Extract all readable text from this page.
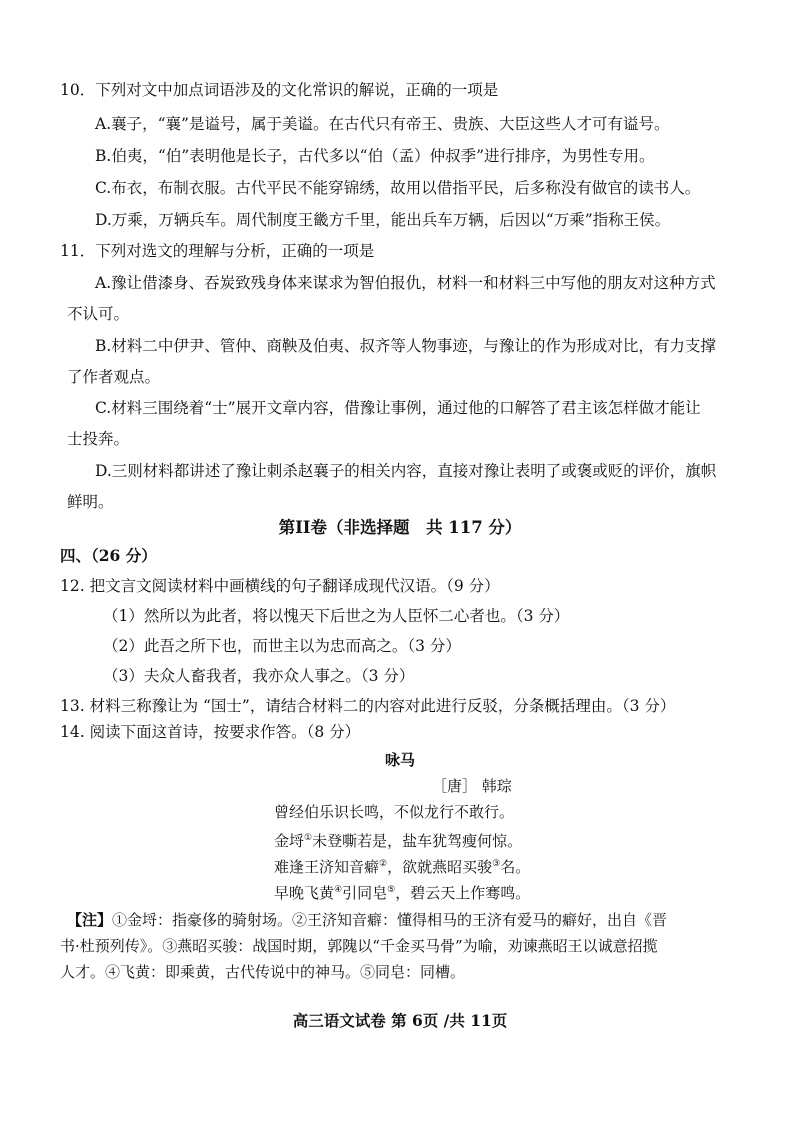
10．下列对文中加点词语涉及的文化常识的解说，正确的一项是
A.襄子，“襄”是谥号，属于美谥。在古代只有帝王、贵族、大臣这些人才可有谥号。
B.伯夷，“伯”表明他是长子，古代多以“伯（孟）仲叔季”进行排序，为男性专用。
C.布衣，布制衣服。古代平民不能穿锦绣，故用以借指平民，后多称没有做官的读书人。
D.万乘，万辆兵车。周代制度王畿方千里，能出兵车万辆，后因以“万乘”指称王侯。
11．下列对选文的理解与分析，正确的一项是
A.豫让借漆身、吞炭致残身体来谋求为智伯报仇，材料一和材料三中写他的朋友对这种方式
不认可。
B.材料二中伊尹、管仲、商鞅及伯夷、叔齐等人物事迹，与豫让的作为形成对比，有力支撑
了作者观点。
C.材料三围绕着“士”展开文章内容，借豫让事例，通过他的口解答了君主该怎样做才能让
士投奔。
D.三则材料都讲述了豫让刺杀赵襄子的相关内容，直接对豫让表明了或褒或贬的评价，旗帜
鲜明。
第II卷（非选择题　共 117 分）
四、（26 分）
12. 把文言文阅读材料中画横线的句子翻译成现代汉语。（9 分）
（1）然所以为此者，将以愧天下后世之为人臣怀二心者也。（3 分）
（2）此吾之所下也，而世主以为忠而高之。（3 分）
（3）夫众人畜我者，我亦众人事之。（3 分）
13. 材料三称豫让为 “国士”，请结合材料二的内容对此进行反驳，分条概括理由。（3 分）
14. 阅读下面这首诗，按要求作答。（8 分）
咏马
［唐］ 韩琮
曾经伯乐识长鸣，不似龙行不敢行。
金埒①未登嘶若是，盐车犹驾瘦何惊。
难逢王济知音癖②，欲就燕昭买骏③名。
早晚飞黄④引同皂⑤，碧云天上作骞鸣。
【注】①金埒：指豪侈的骑射场。②王济知音癖：懂得相马的王济有爱马的癖好，出自《晋
书·杜预列传》。③燕昭买骏：战国时期，郭隗以“千金买马骨”为喻，劝谏燕昭王以诚意招揽
人才。④飞黄：即乘黄，古代传说中的神马。⑤同皂：同槽。
高三语文试卷 第 6页 /共 11页
